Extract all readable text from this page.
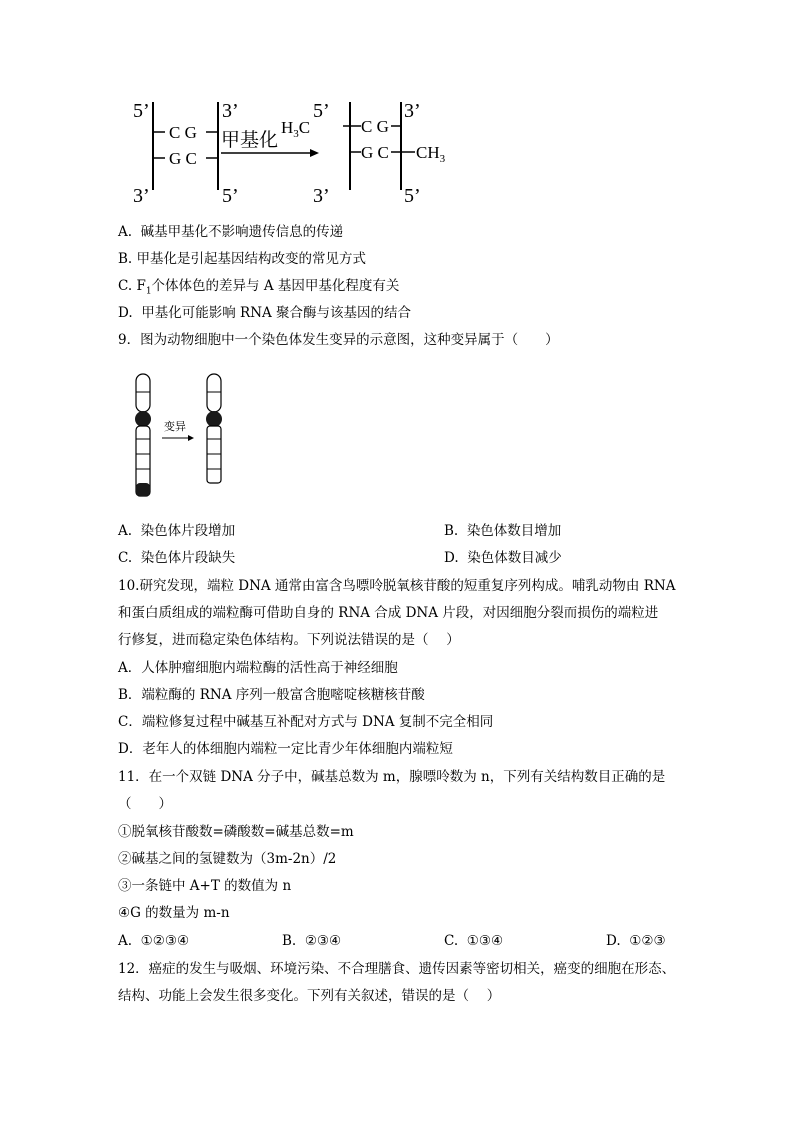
5’
3’
3’
5’
C G
G C
甲基化
5’
3’
3’
5’
C G
G C
$H_3C$
$CH_3$
A. 碱基甲基化不影响遗传信息的传递
B. 甲基化是引起基因结构改变的常见方式
C. $F_1$个体体色的差异与 A 基因甲基化程度有关
D. 甲基化可能影响 RNA 聚合酶与该基因的结合
9．图为动物细胞中一个染色体发生变异的示意图，这种变异属于（　　）
变异
A. 染色体片段增加	B. 染色体数目增加
C. 染色体片段缺失	D. 染色体数目减少
10.研究发现，端粒 DNA 通常由富含鸟嘌呤脱氧核苷酸的短重复序列构成。哺乳动物由 RNA
和蛋白质组成的端粒酶可借助自身的 RNA 合成 DNA 片段，对因细胞分裂而损伤的端粒进
行修复，进而稳定染色体结构。下列说法错误的是（　 ）
A．人体肿瘤细胞内端粒酶的活性高于神经细胞
B．端粒酶的 RNA 序列一般富含胞嘧啶核糖核苷酸
C．端粒修复过程中碱基互补配对方式与 DNA 复制不完全相同
D．老年人的体细胞内端粒一定比青少年体细胞内端粒短
11．在一个双链 DNA 分子中，碱基总数为 m，腺嘌呤数为 n，下列有关结构数目正确的是
（　　）
①脱氧核苷酸数=磷酸数=碱基总数=m
②碱基之间的氢键数为（3m-2n）/2
③一条链中 A+T 的数值为 n
④G 的数量为 m-n
A. ①②③④	B. ②③④	C. ①③④	D. ①②③
12．癌症的发生与吸烟、环境污染、不合理膳食、遗传因素等密切相关，癌变的细胞在形态、
结构、功能上会发生很多变化。下列有关叙述，错误的是（　 ）
